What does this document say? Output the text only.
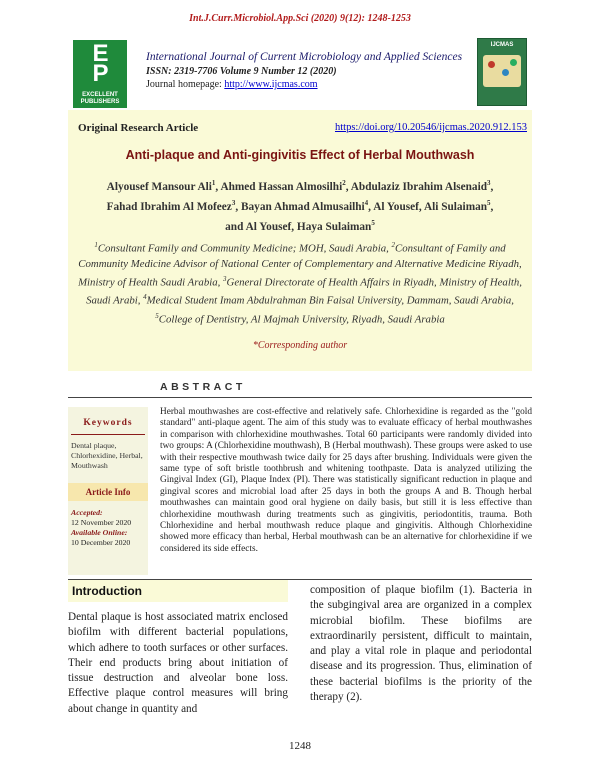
Int.J.Curr.Microbiol.App.Sci (2020) 9(12): 1248-1253
E
P
EXCELLENT
PUBLISHERS
International Journal of Current Microbiology and Applied Sciences
ISSN: 2319-7706 Volume 9 Number 12 (2020)
Journal homepage: http://www.ijcmas.com
IJCMAS
Original Research Article	https://doi.org/10.20546/ijcmas.2020.912.153
Anti-plaque and Anti-gingivitis Effect of Herbal Mouthwash
Alyousef Mansour Ali$^1$, Ahmed Hassan Almosilhi$^2$, Abdulaziz Ibrahim Alsenaid$^3$,
Fahad Ibrahim Al Mofeez$^3$, Bayan Ahmad Almusailhi$^4$, Al Yousef, Ali Sulaiman$^5$,
and Al Yousef, Haya Sulaiman$^5$
$^1$Consultant Family and Community Medicine; MOH, Saudi Arabia, $^2$Consultant of Family and Community Medicine Advisor of National Center of Complementary and Alternative Medicine Riyadh, Ministry of Health Saudi Arabia, $^3$General Directorate of Health Affairs in Riyadh, Ministry of Health, Saudi Arabi, $^4$Medical Student Imam Abdulrahman Bin Faisal University, Dammam, Saudi Arabia, $^5$College of Dentistry, Al Majmah University, Riyadh, Saudi Arabia
*Corresponding author
ABSTRACT
Keywords
Dental plaque, Chlorhexidine, Herbal, Mouthwash
Article Info
Accepted:
12 November 2020
Available Online:
10 December 2020
Herbal mouthwashes are cost-effective and relatively safe. Chlorhexidine is regarded as the "gold standard" anti-plaque agent. The aim of this study was to evaluate efficacy of herbal mouthwashes in comparison with chlorhexidine mouthwashes. Total 60 participants were randomly divided into two groups: A (Chlorhexidine mouthwash), B (Herbal mouthwash). These groups were asked to use with their respective mouthwash twice daily for 25 days after brushing. Individuals were given the same type of soft bristle toothbrush and whitening toothpaste. Data is analyzed utilizing the Gingival Index (GI), Plaque Index (PI). There was statistically significant reduction in plaque and gingival scores and microbial load after 25 days in both the groups A and B. Though herbal mouthwashes can maintain good oral hygiene on daily basis, but still it is less effective than chlorhexidine mouthwash during treatments such as gingivitis, periodontitis, trauma. Both Chlorhexidine and herbal mouthwash reduce plaque and gingivitis. Although Chlorhexidine showed more efficacy than herbal, Herbal mouthwash can be an alternative for chlorhexidine if we considered its side effects.
Introduction
Dental plaque is host associated matrix enclosed biofilm with different bacterial populations, which adhere to tooth surfaces or other surfaces. Their end products bring about initiation of tissue destruction and alveolar bone loss. Effective plaque control measures will bring about change in quantity and
composition of plaque biofilm (1). Bacteria in the subgingival area are organized in a complex microbial biofilm. These biofilms are extraordinarily persistent, difficult to maintain, and play a vital role in plaque and periodontal disease and its progression. Thus, elimination of these bacterial biofilms is the priority of the therapy (2).
1248
